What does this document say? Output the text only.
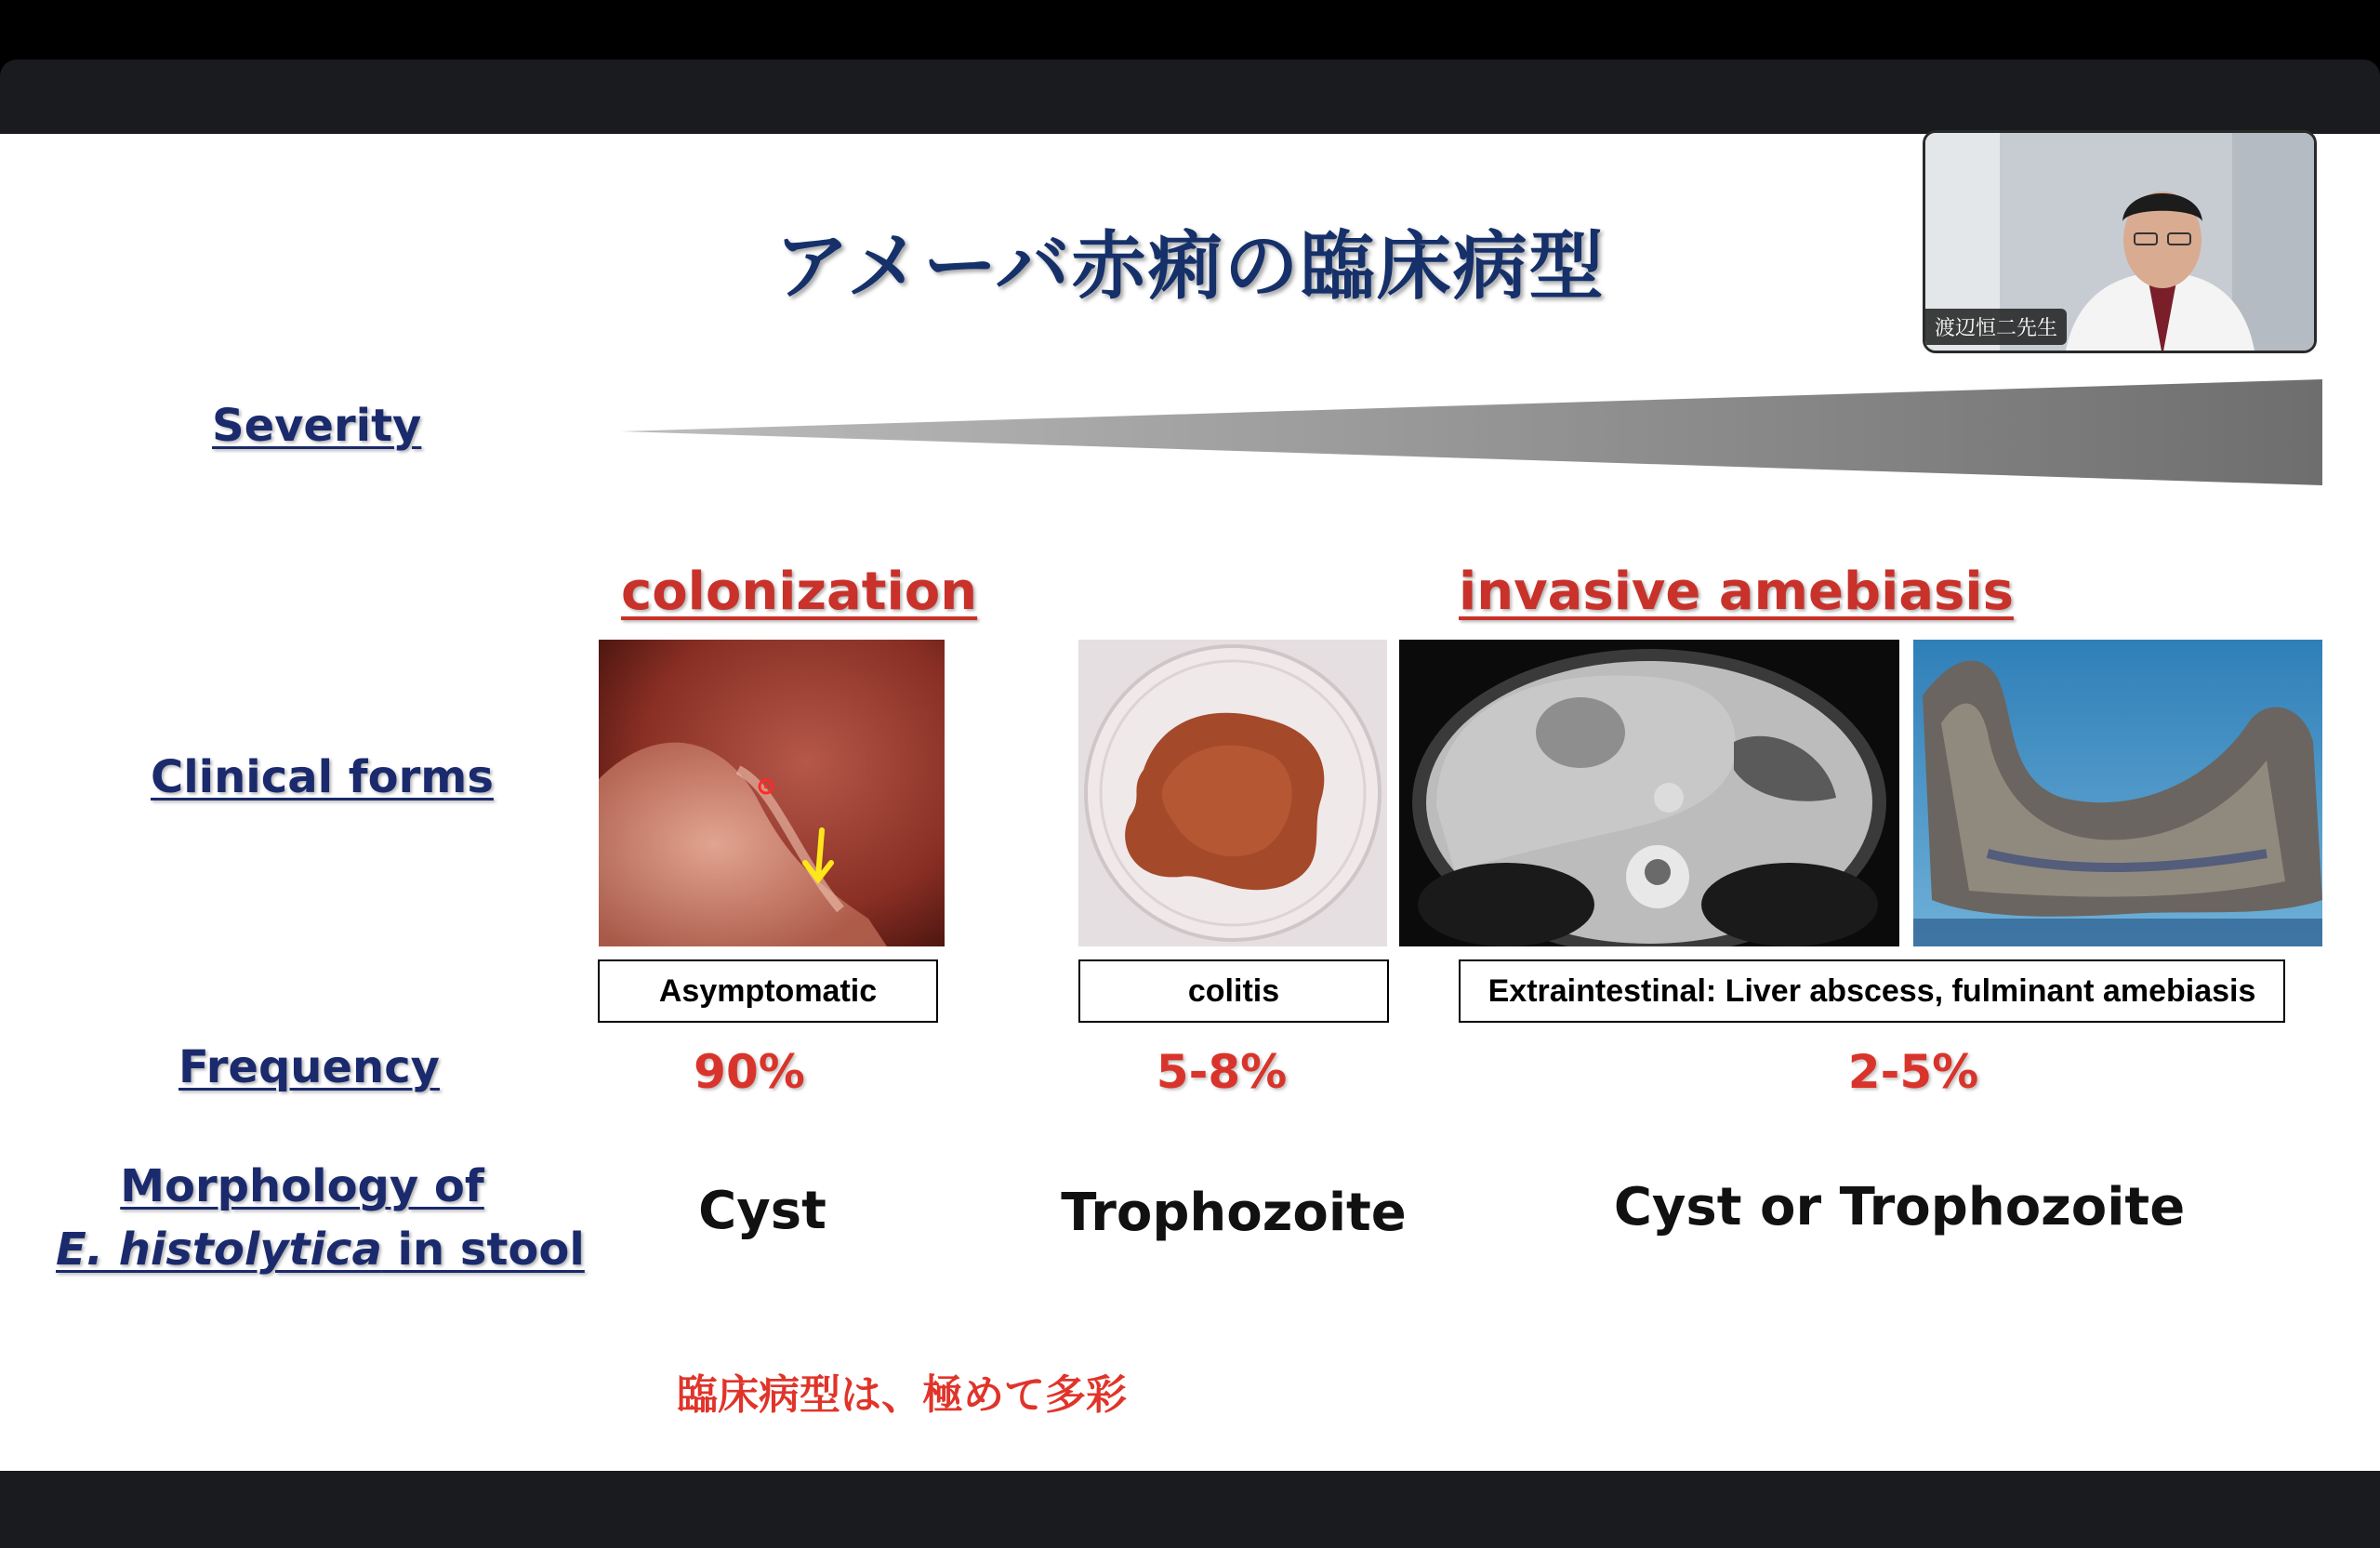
アメーバ赤痢の臨床病型
Severity
colonization	invasive amebiasis
Clinical forms
Asymptomatic	colitis	Extraintestinal: Liver abscess, fulminant amebiasis
Frequency	90%	5-8%	2-5%
Morphology of
E. histolytica in stool
Cyst	Trophozoite	Cyst or Trophozoite
臨床病型は、極めて多彩
渡辺恒二先生
